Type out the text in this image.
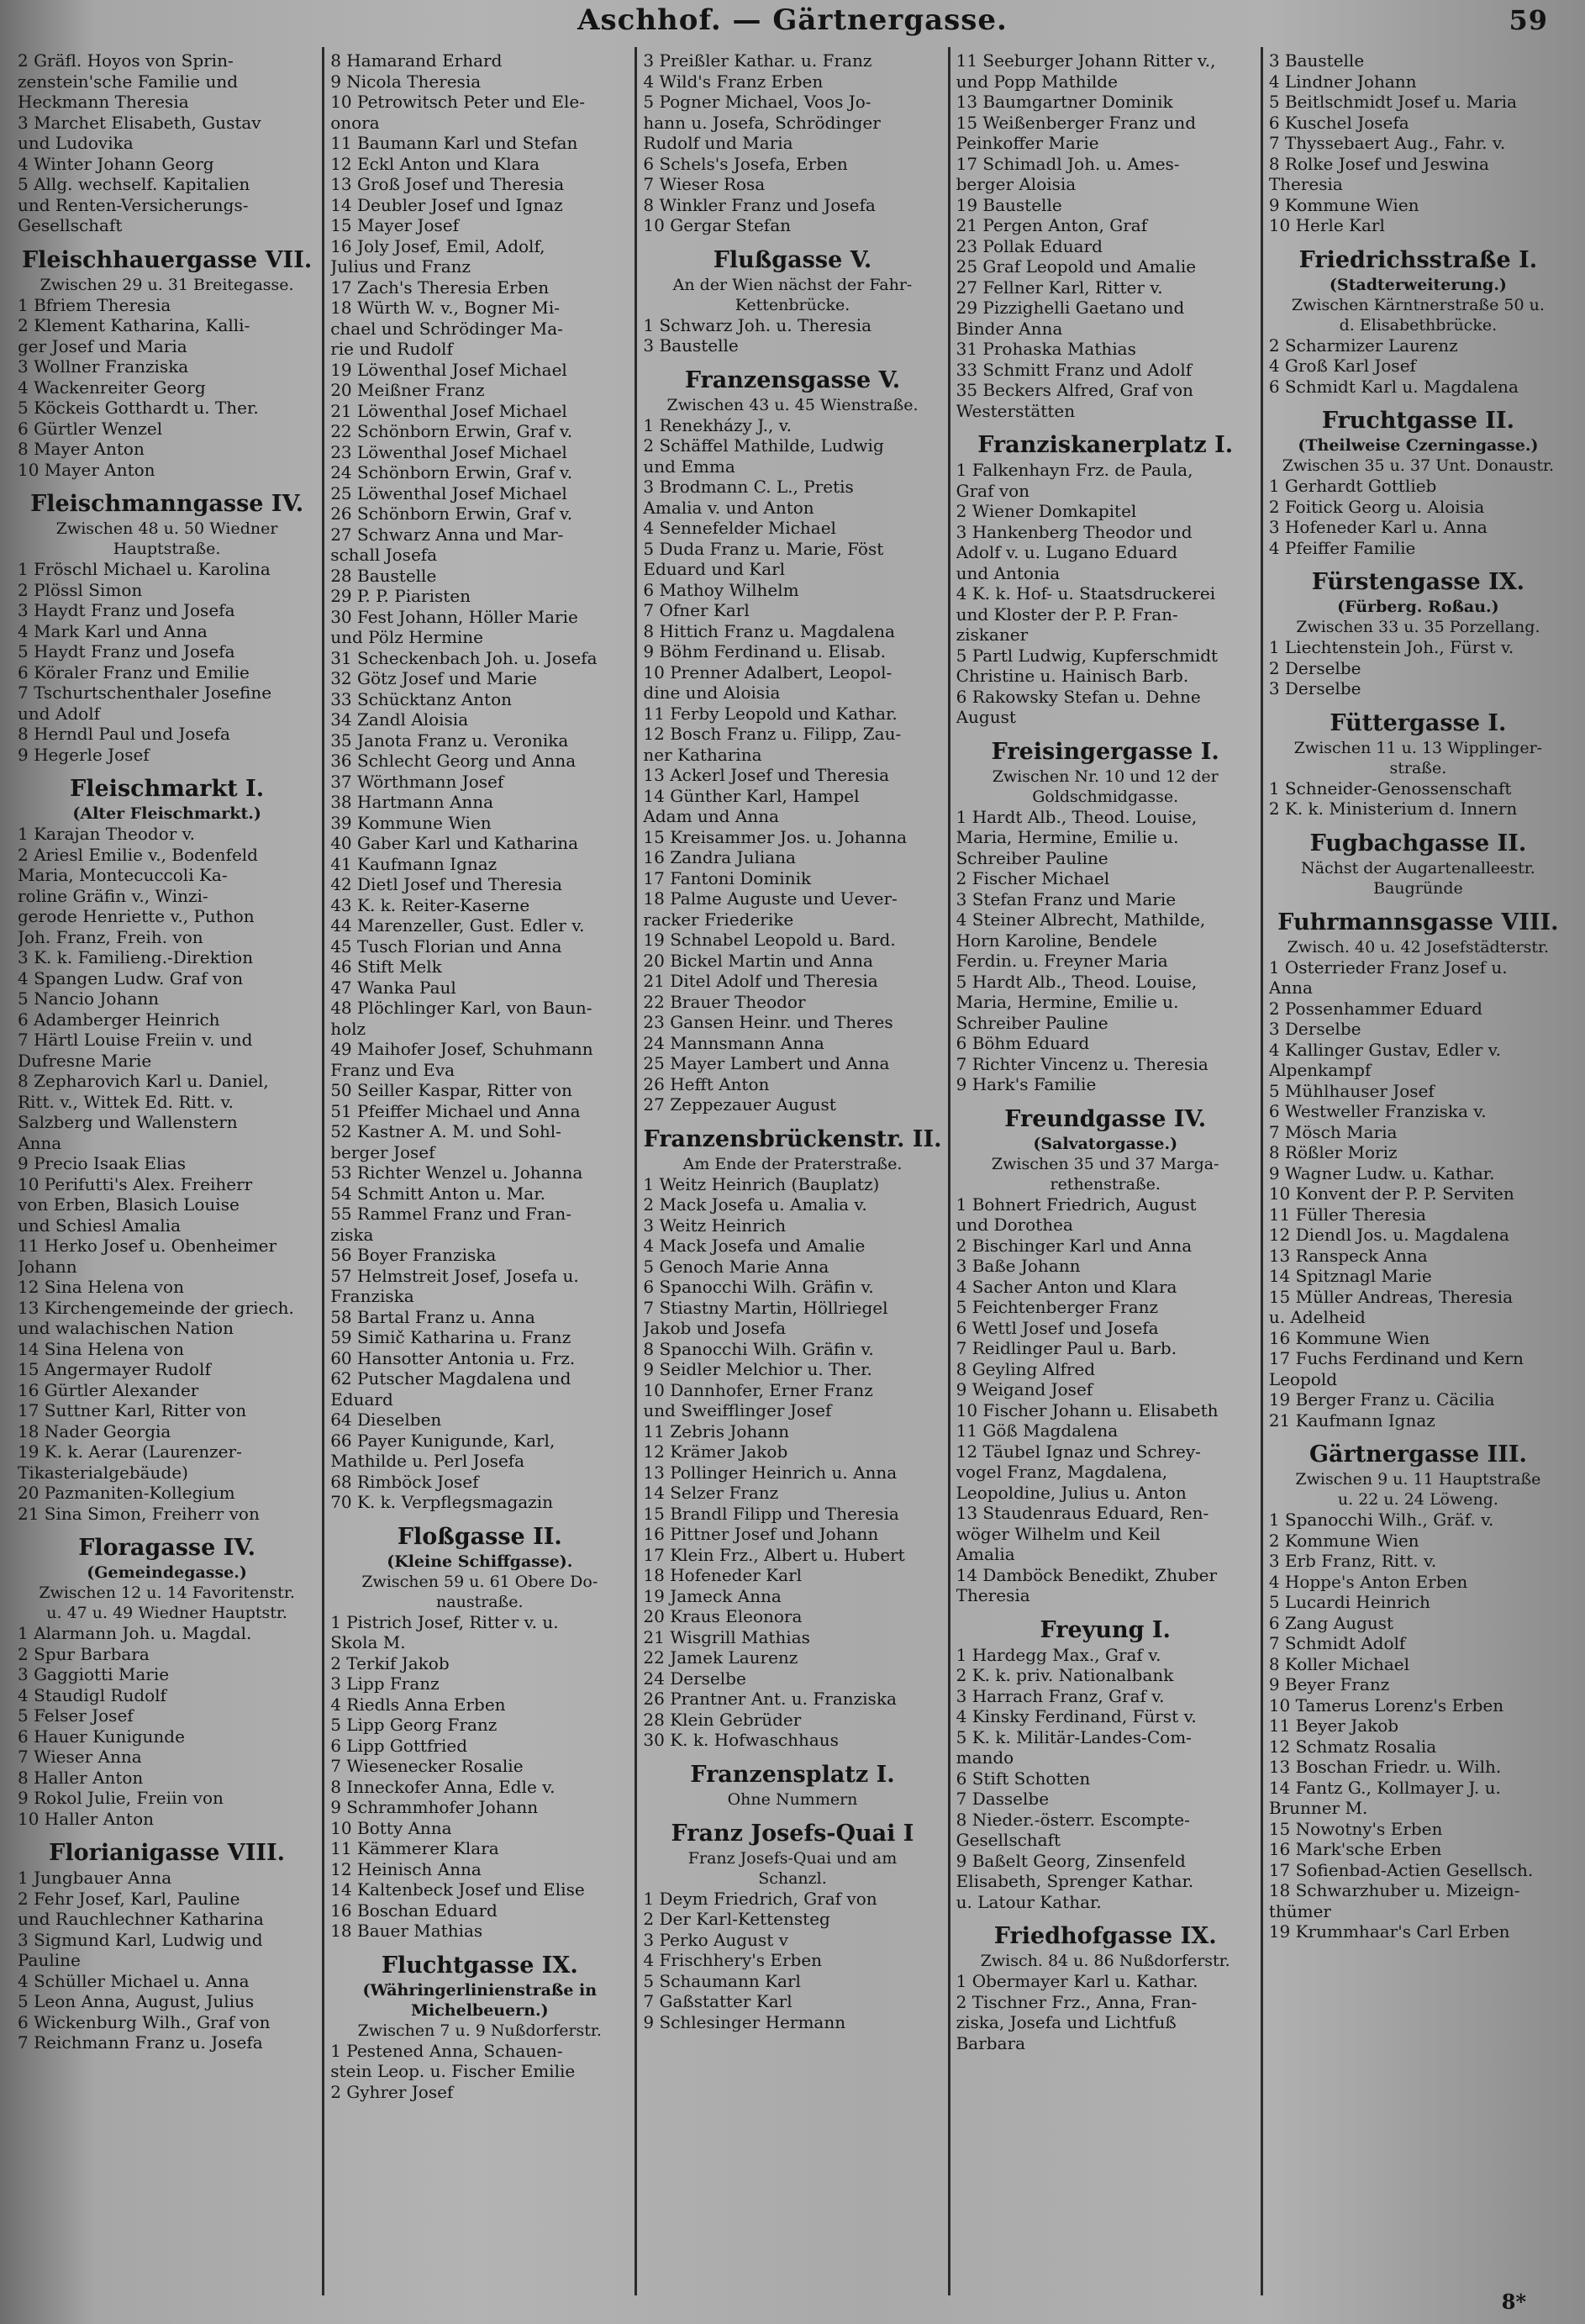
Aschhof. — Gärtnergasse.	59
2 Gräfl. Hoyos von Sprin-
zenstein'sche Familie und
Heckmann Theresia
3 Marchet Elisabeth, Gustav
und Ludovika
4 Winter Johann Georg
5 Allg. wechself. Kapitalien
und Renten-Versicherungs-
Gesellschaft
Fleischhauergasse VII.
Zwischen 29 u. 31 Breitegasse.
1 Bfriem Theresia
2 Klement Katharina, Kalli-
ger Josef und Maria
3 Wollner Franziska
4 Wackenreiter Georg
5 Köckeis Gotthardt u. Ther.
6 Gürtler Wenzel
8 Mayer Anton
10 Mayer Anton
Fleischmanngasse IV.
Zwischen 48 u. 50 Wiedner
Hauptstraße.
1 Fröschl Michael u. Karolina
2 Plössl Simon
3 Haydt Franz und Josefa
4 Mark Karl und Anna
5 Haydt Franz und Josefa
6 Köraler Franz und Emilie
7 Tschurtschenthaler Josefine
und Adolf
8 Herndl Paul und Josefa
9 Hegerle Josef
Fleischmarkt I.
(Alter Fleischmarkt.)
1 Karajan Theodor v.
2 Ariesl Emilie v., Bodenfeld
Maria, Montecuccoli Ka-
roline Gräfin v., Winzi-
gerode Henriette v., Puthon
Joh. Franz, Freih. von
3 K. k. Familieng.-Direktion
4 Spangen Ludw. Graf von
5 Nancio Johann
6 Adamberger Heinrich
7 Härtl Louise Freiin v. und
Dufresne Marie
8 Zepharovich Karl u. Daniel,
Ritt. v., Wittek Ed. Ritt. v.
Salzberg und Wallenstern
Anna
9 Precio Isaak Elias
10 Perifutti's Alex. Freiherr
von Erben, Blasich Louise
und Schiesl Amalia
11 Herko Josef u. Obenheimer
Johann
12 Sina Helena von
13 Kirchengemeinde der griech.
und walachischen Nation
14 Sina Helena von
15 Angermayer Rudolf
16 Gürtler Alexander
17 Suttner Karl, Ritter von
18 Nader Georgia
19 K. k. Aerar (Laurenzer-
Tikasterialgebäude)
20 Pazmaniten-Kollegium
21 Sina Simon, Freiherr von
Floragasse IV.
(Gemeindegasse.)
Zwischen 12 u. 14 Favoritenstr.
u. 47 u. 49 Wiedner Hauptstr.
1 Alarmann Joh. u. Magdal.
2 Spur Barbara
3 Gaggiotti Marie
4 Staudigl Rudolf
5 Felser Josef
6 Hauer Kunigunde
7 Wieser Anna
8 Haller Anton
9 Rokol Julie, Freiin von
10 Haller Anton
Florianigasse VIII.
1 Jungbauer Anna
2 Fehr Josef, Karl, Pauline
und Rauchlechner Katharina
3 Sigmund Karl, Ludwig und
Pauline
4 Schüller Michael u. Anna
5 Leon Anna, August, Julius
6 Wickenburg Wilh., Graf von
7 Reichmann Franz u. Josefa
8 Hamarand Erhard
9 Nicola Theresia
10 Petrowitsch Peter und Ele-
onora
11 Baumann Karl und Stefan
12 Eckl Anton und Klara
13 Groß Josef und Theresia
14 Deubler Josef und Ignaz
15 Mayer Josef
16 Joly Josef, Emil, Adolf,
Julius und Franz
17 Zach's Theresia Erben
18 Würth W. v., Bogner Mi-
chael und Schrödinger Ma-
rie und Rudolf
19 Löwenthal Josef Michael
20 Meißner Franz
21 Löwenthal Josef Michael
22 Schönborn Erwin, Graf v.
23 Löwenthal Josef Michael
24 Schönborn Erwin, Graf v.
25 Löwenthal Josef Michael
26 Schönborn Erwin, Graf v.
27 Schwarz Anna und Mar-
schall Josefa
28 Baustelle
29 P. P. Piaristen
30 Fest Johann, Höller Marie
und Pölz Hermine
31 Scheckenbach Joh. u. Josefa
32 Götz Josef und Marie
33 Schücktanz Anton
34 Zandl Aloisia
35 Janota Franz u. Veronika
36 Schlecht Georg und Anna
37 Wörthmann Josef
38 Hartmann Anna
39 Kommune Wien
40 Gaber Karl und Katharina
41 Kaufmann Ignaz
42 Dietl Josef und Theresia
43 K. k. Reiter-Kaserne
44 Marenzeller, Gust. Edler v.
45 Tusch Florian und Anna
46 Stift Melk
47 Wanka Paul
48 Plöchlinger Karl, von Baun-
holz
49 Maihofer Josef, Schuhmann
Franz und Eva
50 Seiller Kaspar, Ritter von
51 Pfeiffer Michael und Anna
52 Kastner A. M. und Sohl-
berger Josef
53 Richter Wenzel u. Johanna
54 Schmitt Anton u. Mar.
55 Rammel Franz und Fran-
ziska
56 Boyer Franziska
57 Helmstreit Josef, Josefa u.
Franziska
58 Bartal Franz u. Anna
59 Simič Katharina u. Franz
60 Hansotter Antonia u. Frz.
62 Putscher Magdalena und
Eduard
64 Dieselben
66 Payer Kunigunde, Karl,
Mathilde u. Perl Josefa
68 Rimböck Josef
70 K. k. Verpflegsmagazin
Floßgasse II.
(Kleine Schiffgasse).
Zwischen 59 u. 61 Obere Do-
naustraße.
1 Pistrich Josef, Ritter v. u.
Skola M.
2 Terkif Jakob
3 Lipp Franz
4 Riedls Anna Erben
5 Lipp Georg Franz
6 Lipp Gottfried
7 Wiesenecker Rosalie
8 Inneckofer Anna, Edle v.
9 Schrammhofer Johann
10 Botty Anna
11 Kämmerer Klara
12 Heinisch Anna
14 Kaltenbeck Josef und Elise
16 Boschan Eduard
18 Bauer Mathias
Fluchtgasse IX.
(Währingerlinienstraße in
Michelbeuern.)
Zwischen 7 u. 9 Nußdorferstr.
1 Pestened Anna, Schauen-
stein Leop. u. Fischer Emilie
2 Gyhrer Josef
3 Preißler Kathar. u. Franz
4 Wild's Franz Erben
5 Pogner Michael, Voos Jo-
hann u. Josefa, Schrödinger
Rudolf und Maria
6 Schels's Josefa, Erben
7 Wieser Rosa
8 Winkler Franz und Josefa
10 Gergar Stefan
Flußgasse V.
An der Wien nächst der Fahr-
Kettenbrücke.
1 Schwarz Joh. u. Theresia
3 Baustelle
Franzensgasse V.
Zwischen 43 u. 45 Wienstraße.
1 Renekházy J., v.
2 Schäffel Mathilde, Ludwig
und Emma
3 Brodmann C. L., Pretis
Amalia v. und Anton
4 Sennefelder Michael
5 Duda Franz u. Marie, Föst
Eduard und Karl
6 Mathoy Wilhelm
7 Ofner Karl
8 Hittich Franz u. Magdalena
9 Böhm Ferdinand u. Elisab.
10 Prenner Adalbert, Leopol-
dine und Aloisia
11 Ferby Leopold und Kathar.
12 Bosch Franz u. Filipp, Zau-
ner Katharina
13 Ackerl Josef und Theresia
14 Günther Karl, Hampel
Adam und Anna
15 Kreisammer Jos. u. Johanna
16 Zandra Juliana
17 Fantoni Dominik
18 Palme Auguste und Uever-
racker Friederike
19 Schnabel Leopold u. Bard.
20 Bickel Martin und Anna
21 Ditel Adolf und Theresia
22 Brauer Theodor
23 Gansen Heinr. und Theres
24 Mannsmann Anna
25 Mayer Lambert und Anna
26 Hefft Anton
27 Zeppezauer August
Franzensbrückenstr. II.
Am Ende der Praterstraße.
1 Weitz Heinrich (Bauplatz)
2 Mack Josefa u. Amalia v.
3 Weitz Heinrich
4 Mack Josefa und Amalie
5 Genoch Marie Anna
6 Spanocchi Wilh. Gräfin v.
7 Stiastny Martin, Höllriegel
Jakob und Josefa
8 Spanocchi Wilh. Gräfin v.
9 Seidler Melchior u. Ther.
10 Dannhofer, Erner Franz
und Sweifflinger Josef
11 Zebris Johann
12 Krämer Jakob
13 Pollinger Heinrich u. Anna
14 Selzer Franz
15 Brandl Filipp und Theresia
16 Pittner Josef und Johann
17 Klein Frz., Albert u. Hubert
18 Hofeneder Karl
19 Jameck Anna
20 Kraus Eleonora
21 Wisgrill Mathias
22 Jamek Laurenz
24 Derselbe
26 Prantner Ant. u. Franziska
28 Klein Gebrüder
30 K. k. Hofwaschhaus
Franzensplatz I.
Ohne Nummern
Franz Josefs-Quai I
Franz Josefs-Quai und am
Schanzl.
1 Deym Friedrich, Graf von
2 Der Karl-Kettensteg
3 Perko August v
4 Frischhery's Erben
5 Schaumann Karl
7 Gaßstatter Karl
9 Schlesinger Hermann
11 Seeburger Johann Ritter v.,
und Popp Mathilde
13 Baumgartner Dominik
15 Weißenberger Franz und
Peinkoffer Marie
17 Schimadl Joh. u. Ames-
berger Aloisia
19 Baustelle
21 Pergen Anton, Graf
23 Pollak Eduard
25 Graf Leopold und Amalie
27 Fellner Karl, Ritter v.
29 Pizzighelli Gaetano und
Binder Anna
31 Prohaska Mathias
33 Schmitt Franz und Adolf
35 Beckers Alfred, Graf von
Westerstätten
Franziskanerplatz I.
1 Falkenhayn Frz. de Paula,
Graf von
2 Wiener Domkapitel
3 Hankenberg Theodor und
Adolf v. u. Lugano Eduard
und Antonia
4 K. k. Hof- u. Staatsdruckerei
und Kloster der P. P. Fran-
ziskaner
5 Partl Ludwig, Kupferschmidt
Christine u. Hainisch Barb.
6 Rakowsky Stefan u. Dehne
August
Freisingergasse I.
Zwischen Nr. 10 und 12 der
Goldschmidgasse.
1 Hardt Alb., Theod. Louise,
Maria, Hermine, Emilie u.
Schreiber Pauline
2 Fischer Michael
3 Stefan Franz und Marie
4 Steiner Albrecht, Mathilde,
Horn Karoline, Bendele
Ferdin. u. Freyner Maria
5 Hardt Alb., Theod. Louise,
Maria, Hermine, Emilie u.
Schreiber Pauline
6 Böhm Eduard
7 Richter Vincenz u. Theresia
9 Hark's Familie
Freundgasse IV.
(Salvatorgasse.)
Zwischen 35 und 37 Marga-
rethenstraße.
1 Bohnert Friedrich, August
und Dorothea
2 Bischinger Karl und Anna
3 Baße Johann
4 Sacher Anton und Klara
5 Feichtenberger Franz
6 Wettl Josef und Josefa
7 Reidlinger Paul u. Barb.
8 Geyling Alfred
9 Weigand Josef
10 Fischer Johann u. Elisabeth
11 Göß Magdalena
12 Täubel Ignaz und Schrey-
vogel Franz, Magdalena,
Leopoldine, Julius u. Anton
13 Staudenraus Eduard, Ren-
wöger Wilhelm und Keil
Amalia
14 Damböck Benedikt, Zhuber
Theresia
Freyung I.
1 Hardegg Max., Graf v.
2 K. k. priv. Nationalbank
3 Harrach Franz, Graf v.
4 Kinsky Ferdinand, Fürst v.
5 K. k. Militär-Landes-Com-
mando
6 Stift Schotten
7 Dasselbe
8 Nieder.-österr. Escompte-
Gesellschaft
9 Baßelt Georg, Zinsenfeld
Elisabeth, Sprenger Kathar.
u. Latour Kathar.
Friedhofgasse IX.
Zwisch. 84 u. 86 Nußdorferstr.
1 Obermayer Karl u. Kathar.
2 Tischner Frz., Anna, Fran-
ziska, Josefa und Lichtfuß
Barbara
3 Baustelle
4 Lindner Johann
5 Beitlschmidt Josef u. Maria
6 Kuschel Josefa
7 Thyssebaert Aug., Fahr. v.
8 Rolke Josef und Jeswina
Theresia
9 Kommune Wien
10 Herle Karl
Friedrichsstraße I.
(Stadterweiterung.)
Zwischen Kärntnerstraße 50 u.
d. Elisabethbrücke.
2 Scharmizer Laurenz
4 Groß Karl Josef
6 Schmidt Karl u. Magdalena
Fruchtgasse II.
(Theilweise Czerningasse.)
Zwischen 35 u. 37 Unt. Donaustr.
1 Gerhardt Gottlieb
2 Foitick Georg u. Aloisia
3 Hofeneder Karl u. Anna
4 Pfeiffer Familie
Fürstengasse IX.
(Fürberg. Roßau.)
Zwischen 33 u. 35 Porzellang.
1 Liechtenstein Joh., Fürst v.
2 Derselbe
3 Derselbe
Füttergasse I.
Zwischen 11 u. 13 Wipplinger-
straße.
1 Schneider-Genossenschaft
2 K. k. Ministerium d. Innern
Fugbachgasse II.
Nächst der Augartenalleestr.
Baugründe
Fuhrmannsgasse VIII.
Zwisch. 40 u. 42 Josefstädterstr.
1 Osterrieder Franz Josef u.
Anna
2 Possenhammer Eduard
3 Derselbe
4 Kallinger Gustav, Edler v.
Alpenkampf
5 Mühlhauser Josef
6 Westweller Franziska v.
7 Mösch Maria
8 Rößler Moriz
9 Wagner Ludw. u. Kathar.
10 Konvent der P. P. Serviten
11 Füller Theresia
12 Diendl Jos. u. Magdalena
13 Ranspeck Anna
14 Spitznagl Marie
15 Müller Andreas, Theresia
u. Adelheid
16 Kommune Wien
17 Fuchs Ferdinand und Kern
Leopold
19 Berger Franz u. Cäcilia
21 Kaufmann Ignaz
Gärtnergasse III.
Zwischen 9 u. 11 Hauptstraße
u. 22 u. 24 Löweng.
1 Spanocchi Wilh., Gräf. v.
2 Kommune Wien
3 Erb Franz, Ritt. v.
4 Hoppe's Anton Erben
5 Lucardi Heinrich
6 Zang August
7 Schmidt Adolf
8 Koller Michael
9 Beyer Franz
10 Tamerus Lorenz's Erben
11 Beyer Jakob
12 Schmatz Rosalia
13 Boschan Friedr. u. Wilh.
14 Fantz G., Kollmayer J. u.
Brunner M.
15 Nowotny's Erben
16 Mark'sche Erben
17 Sofienbad-Actien Gesellsch.
18 Schwarzhuber u. Mizeign-
thümer
19 Krummhaar's Carl Erben
8*
